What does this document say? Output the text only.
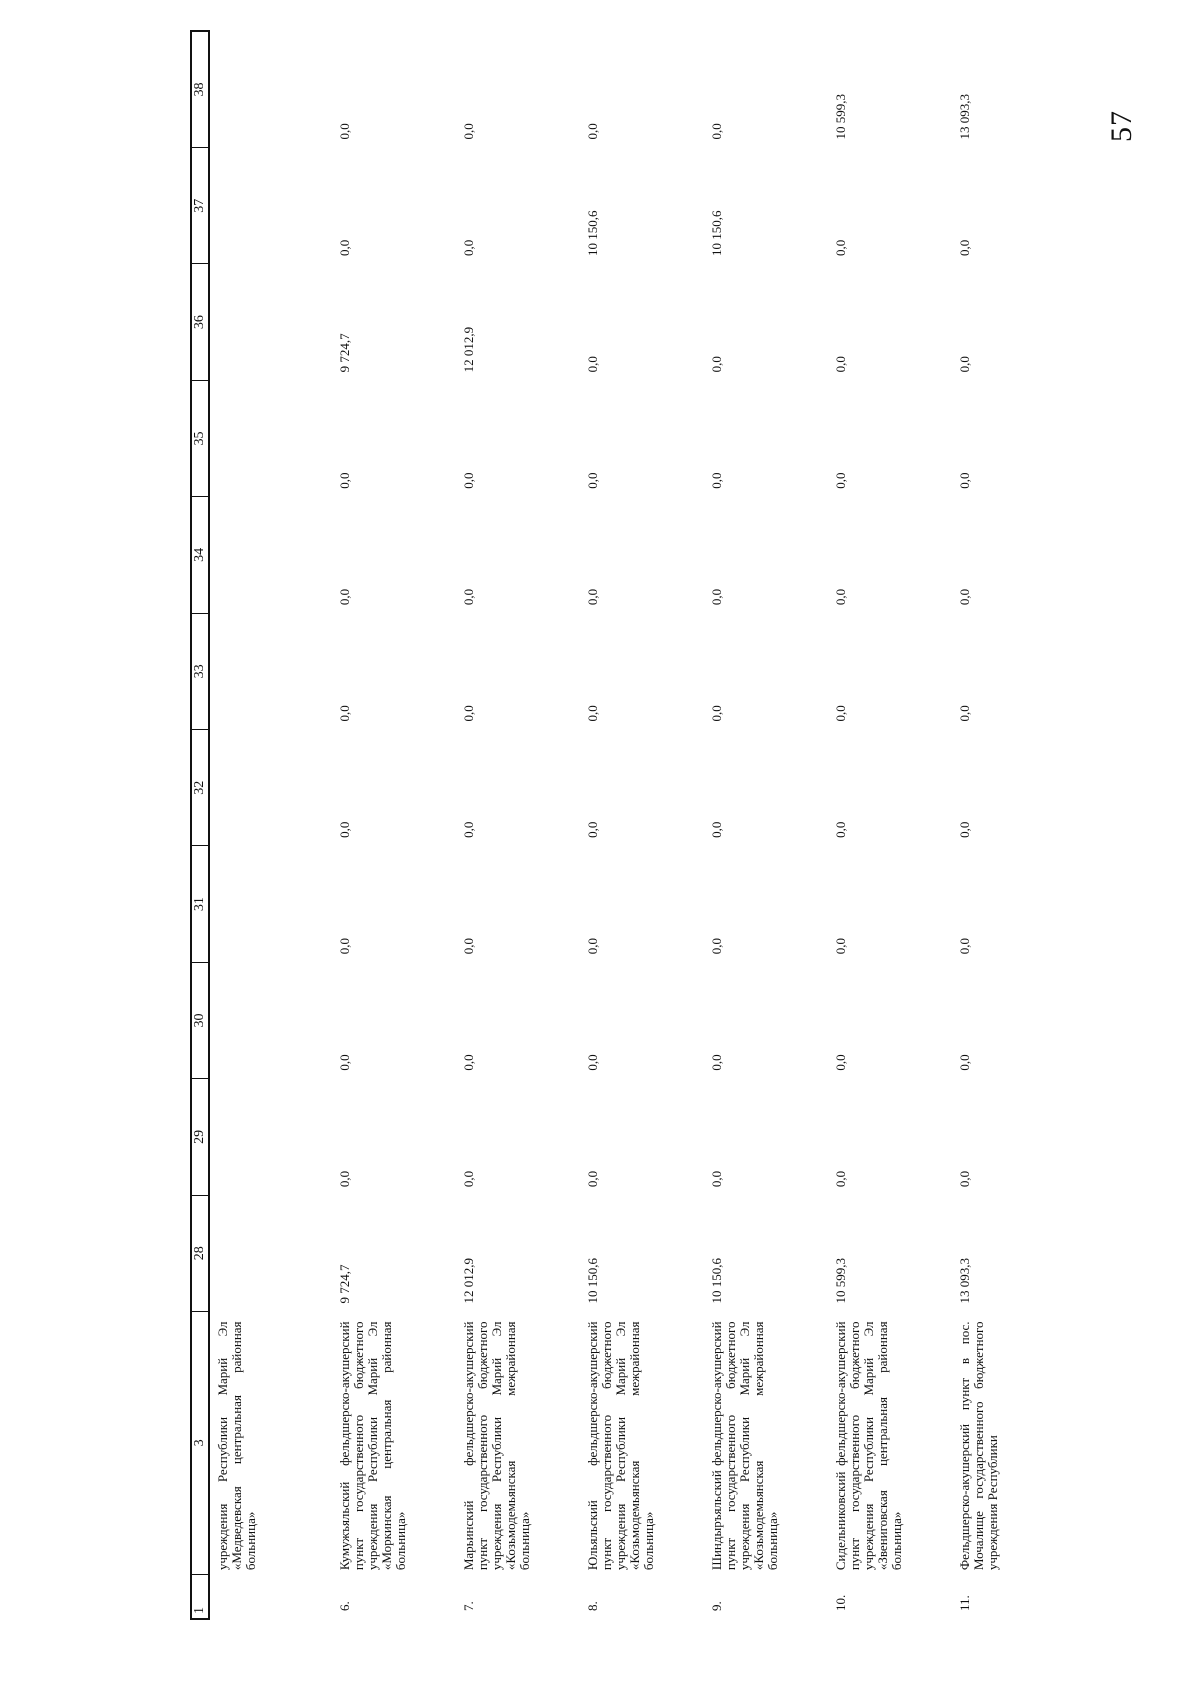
57
1	3	28	29	30	31	32	33	34	35	36	37	38
	учреждения Республики Марий Эл «Медведевская центральная районная больница»											
6.	Кумужъяльский фельдшерско-акушерский пункт государственного бюджетного учреждения Республики Марий Эл «Моркинская центральная районная больница»	9 724,7	0,0	0,0	0,0	0,0	0,0	0,0	0,0	9 724,7	0,0	0,0
7.	Марьинский фельдшерско-акушерский пункт государственного бюджетного учреждения Республики Марий Эл «Козьмодемьянская межрайонная больница»	12 012,9	0,0	0,0	0,0	0,0	0,0	0,0	0,0	12 012,9	0,0	0,0
8.	Юльяльский фельдшерско-акушерский пункт государственного бюджетного учреждения Республики Марий Эл «Козьмодемьянская межрайонная больница»	10 150,6	0,0	0,0	0,0	0,0	0,0	0,0	0,0	0,0	10 150,6	0,0
9.	Шиндыръяльский фельдшерско-акушерский пункт государственного бюджетного учреждения Республики Марий Эл «Козьмодемьянская межрайонная больница»	10 150,6	0,0	0,0	0,0	0,0	0,0	0,0	0,0	0,0	10 150,6	0,0
10.	Сидельниковский фельдшерско-акушерский пункт государственного бюджетного учреждения Республики Марий Эл «Звениговская центральная районная больница»	10 599,3	0,0	0,0	0,0	0,0	0,0	0,0	0,0	0,0	0,0	10 599,3
11.	Фельдшерско-акушерский пункт в пос. Мочалище государственного бюджетного учреждения Республики	13 093,3	0,0	0,0	0,0	0,0	0,0	0,0	0,0	0,0	0,0	13 093,3
